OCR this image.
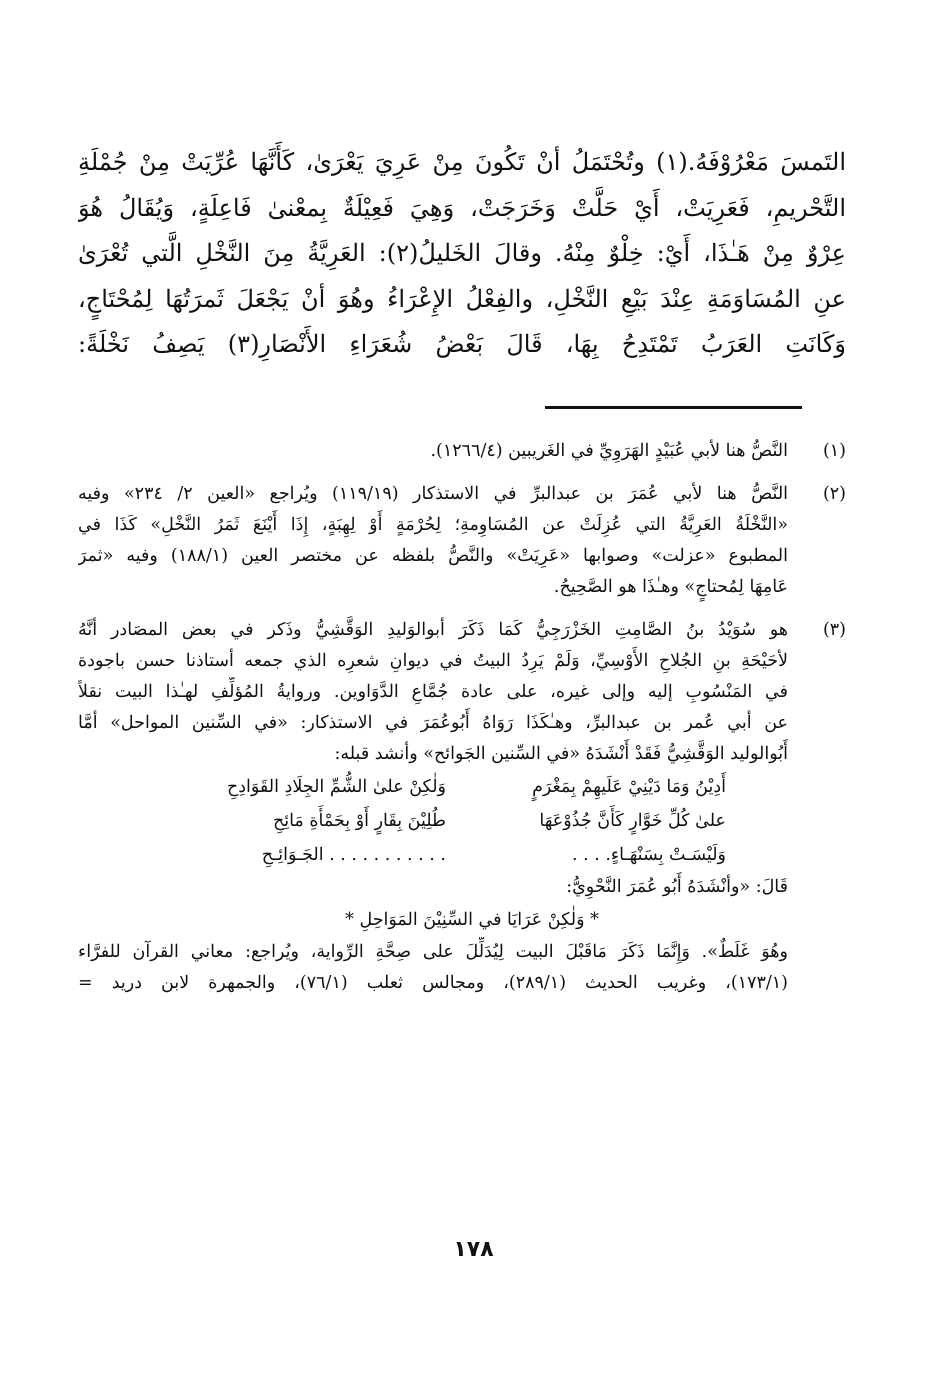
التَمسَ مَعْرُوْفَهُ.(١) وتُحْتَمَلُ أنْ تَكُونَ مِنْ عَرِيَ يَعْرَىٰ، كَأَنَّهَا عُرِّيَتْ مِنْ جُمْلَةِ
التَّحْريمِ، فَعَرِيَتْ، أَيْ حَلَّتْ وَخَرَجَتْ، وَهِيَ فَعِيْلَةٌ بِمعْنىٰ فَاعِلَةٍ، وَيُقَالُ هُوَ
عِرْوٌ مِنْ هَـٰذَا، أَيْ: خِلْوٌ مِنْهُ. وقالَ الخَليلُ(٢): العَرِيَّةُ مِنَ النَّخْلِ الَّتي تُعْرَىٰ
عنِ المُسَاوَمَةِ عِنْدَ بَيْعِ النَّخْلِ، والفِعْلُ الإِعْرَاءُ وهُوَ أنْ يَجْعَلَ ثَمرَتُهَا لِمُحْتَاجٍ،
وَكَانَتِ العَرَبُ تَمْتَدِحُ بِهَا، قَالَ بَعْضُ شُعَرَاءِ الأَنْصَارِ(٣) يَصِفُ نَخْلَةً:
(١)
النَّصُّ هنا لأبي عُبَيْدٍ الهَرَوِيِّ في الغَريبين (١٢٦٦/٤).
(٢)
النَّصُّ هنا لأبي عُمَرَ بن عبدالبرِّ في الاستذكار (١١٩/١٩) ويُراجع «العين ٢/ ٢٣٤» وفيه
«النَّخْلَةُ العَرِيَّةُ التي عُزِلَتْ عن المُسَاوِمةِ؛ لِحُرْمَةٍ أَوْ لِهِبَةٍ، إِذَا أَيْنَعَ ثَمَرُ النَّخْلِ» كَذَا في
المطبوع «عزلت» وصوابها «عَرِيَتْ» والنَّصُّ بلفظه عن مختصر العين (١٨٨/١) وفيه «ثمرَ
عَامِهَا لِمُحتاجٍ» وهـٰذَا هو الصَّحِيحُ.
(٣)
هو سُوَيْدُ بنُ الصَّامِتِ الخَزْرَجِيُّ كَمَا ذَكَرَ أبوالوَليدِ الوَقَّشِيُّ وذَكر في بعض المصَادر أنَّهُ
لأحَيْحَةِ بنِ الجُلاحِ الأَوْسِيِّ، وَلَمْ يَرِدُ البيتُ في ديوانِ شعرِه الذي جمعه أستاذنا حسن باجودة
في المَنْسُوبِ إليه وإلى غيره، على عادة جُمَّاعِ الدَّوَاوين. وروايةُ المُؤلِّفِ لهـٰذا البيت نقلاً
عن أبي عُمر بن عبدالبرِّ، وهـٰكَذَا رَوَاهُ أَبُوعُمَرَ في الاستذكار: «في السِّنين المواحل» أمَّا
أَبُوالوليد الوَقَّشِيُّ فَقَدْ أَنْشَدَهُ «في السِّنين الجَوائح» وأنشد قبله:
أَدِيْنُ وَمَا دَيْنِيْ عَلَيهِمْ بِمَغْرَمٍ
وَلٰكِنْ علىٰ الشُّمِّ الجِلَادِ القَوَادِحِ
علىٰ كُلِّ خَوَّارٍ كَأَنَّ جُذُوْعَهَا
طُلِيْنَ بِقَارٍ أَوْ بِحَمْأَةِ مَائِحِ
وَلَيْسَـتْ بِسَنْهَـاءٍ. . . .
. . . . . . . . . . . الجَـوَائِـحِ
قَالَ: «وأنْشَدَهُ أَبُو عُمَرَ النَّحْوِيُّ:
* وَلٰكِنْ عَرَايَا في السِّنِيْنَ المَوَاحِلِ *
وهُوَ غَلَطٌ». وَإِنَّمَا ذَكَرَ مَاقَبْلَ البيت لِيُدَلِّلَ على صِحَّةِ الرِّواية، ويُراجع: معاني القرآن للفرَّاء
(١٧٣/١)، وغريب الحديث (٢٨٩/١)، ومجالس ثعلب (٧٦/١)، والجمهرة لابن دريد =
١٧٨
